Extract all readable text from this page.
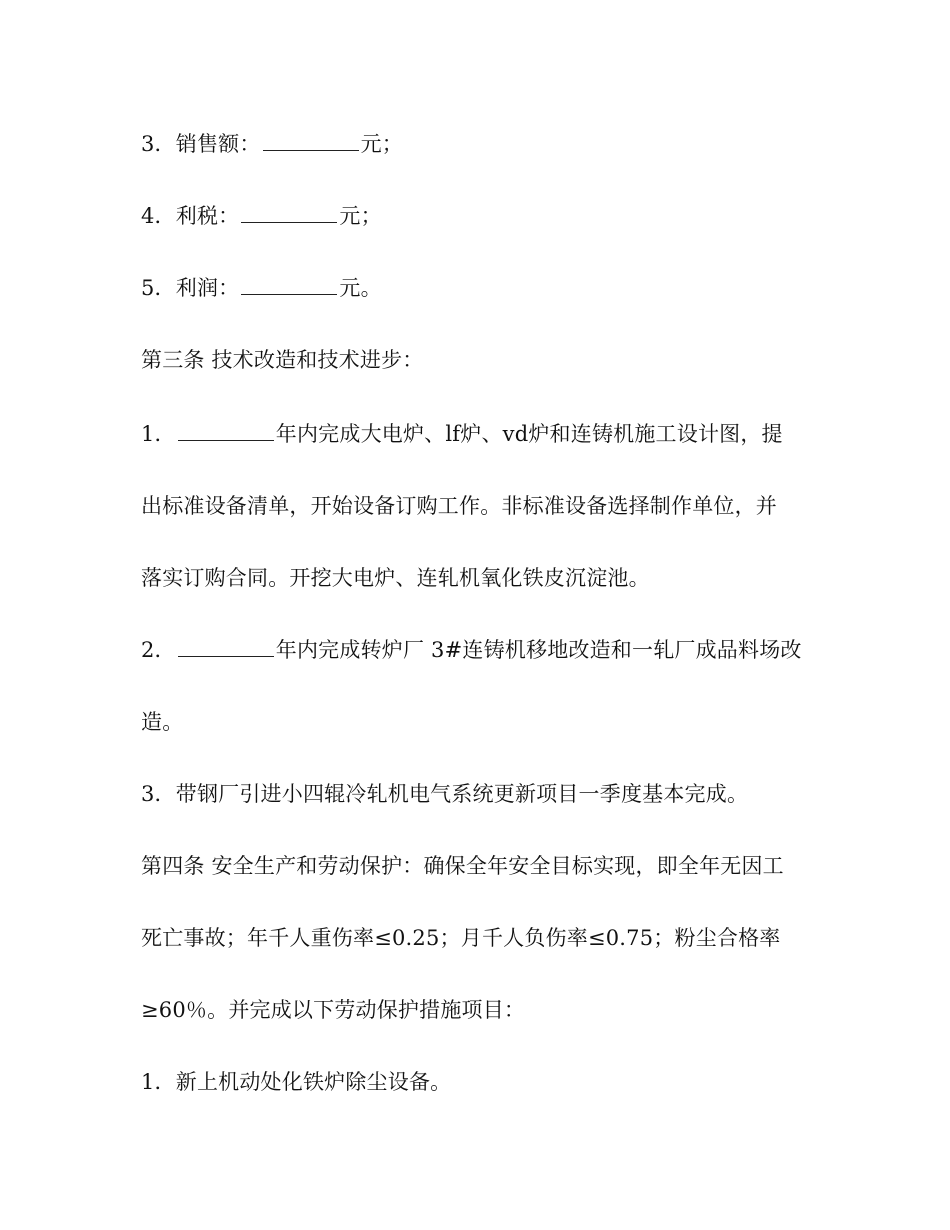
3．销售额：	元；

4．利税：	元；

5．利润：	元。

第三条 技术改造和技术进步：

1．	年内完成大电炉、lf炉、vd炉和连铸机施工设计图，提

出标准设备清单，开始设备订购工作。非标准设备选择制作单位，并

落实订购合同。开挖大电炉、连轧机氧化铁皮沉淀池。

2．	年内完成转炉厂 3#连铸机移地改造和一轧厂成品料场改

造。

3．带钢厂引进小四辊冷轧机电气系统更新项目一季度基本完成。

第四条 安全生产和劳动保护：确保全年安全目标实现，即全年无因工

死亡事故；年千人重伤率≤0.25；月千人负伤率≤0.75；粉尘合格率

≥60％。并完成以下劳动保护措施项目：

1．新上机动处化铁炉除尘设备。
